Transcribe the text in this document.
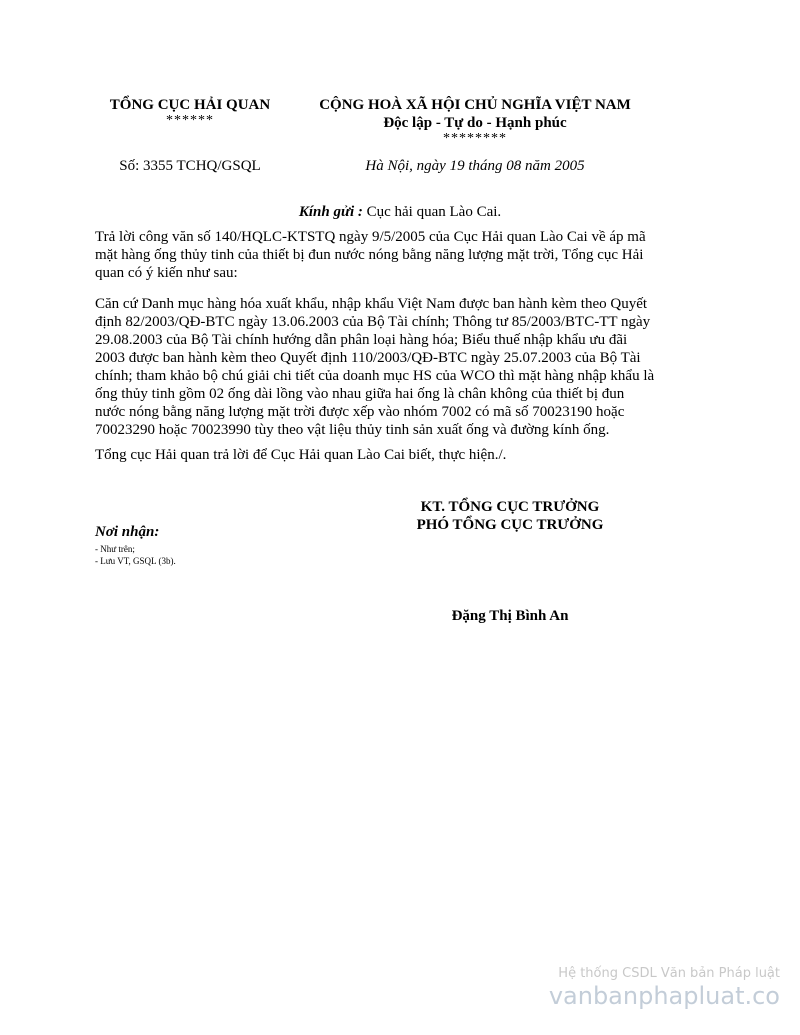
TỔNG CỤC HẢI QUAN
******
CỘNG HOÀ XÃ HỘI CHỦ NGHĨA VIỆT NAM
Độc lập - Tự do - Hạnh phúc
********
Số: 3355 TCHQ/GSQL	Hà Nội, ngày 19 tháng 08 năm 2005
Kính gửi : Cục hải quan Lào Cai.

Trả lời công văn số 140/HQLC-KTSTQ ngày 9/5/2005 của Cục Hải quan Lào Cai về áp mã mặt hàng ống thủy tinh của thiết bị đun nước nóng bằng năng lượng mặt trời, Tổng cục Hải quan có ý kiến như sau:

Căn cứ Danh mục hàng hóa xuất khẩu, nhập khẩu Việt Nam được ban hành kèm theo Quyết định 82/2003/QĐ-BTC ngày 13.06.2003 của Bộ Tài chính; Thông tư 85/2003/BTC-TT ngày 29.08.2003 của Bộ Tài chính hướng dẫn phân loại hàng hóa; Biểu thuế nhập khẩu ưu đãi 2003 được ban hành kèm theo Quyết định 110/2003/QĐ-BTC ngày 25.07.2003 của Bộ Tài chính; tham khảo bộ chú giải chi tiết của doanh mục HS của WCO thì mặt hàng nhập khẩu là ống thủy tinh gồm 02 ống dài lồng vào nhau giữa hai ống là chân không của thiết bị đun nước nóng bằng năng lượng mặt trời được xếp vào nhóm 7002 có mã số 70023190 hoặc 70023290 hoặc 70023990 tùy theo vật liệu thủy tinh sản xuất ống và đường kính ống.

Tổng cục Hải quan trả lời để Cục Hải quan Lào Cai biết, thực hiện./.

KT. TỔNG CỤC TRƯỞNG
PHÓ TỔNG CỤC TRƯỞNG
Nơi nhận:
- Như trên;
- Lưu VT, GSQL (3b).
Đặng Thị Bình An
Hệ thống CSDL Văn bản Pháp luật
vanbanphapluat.co
